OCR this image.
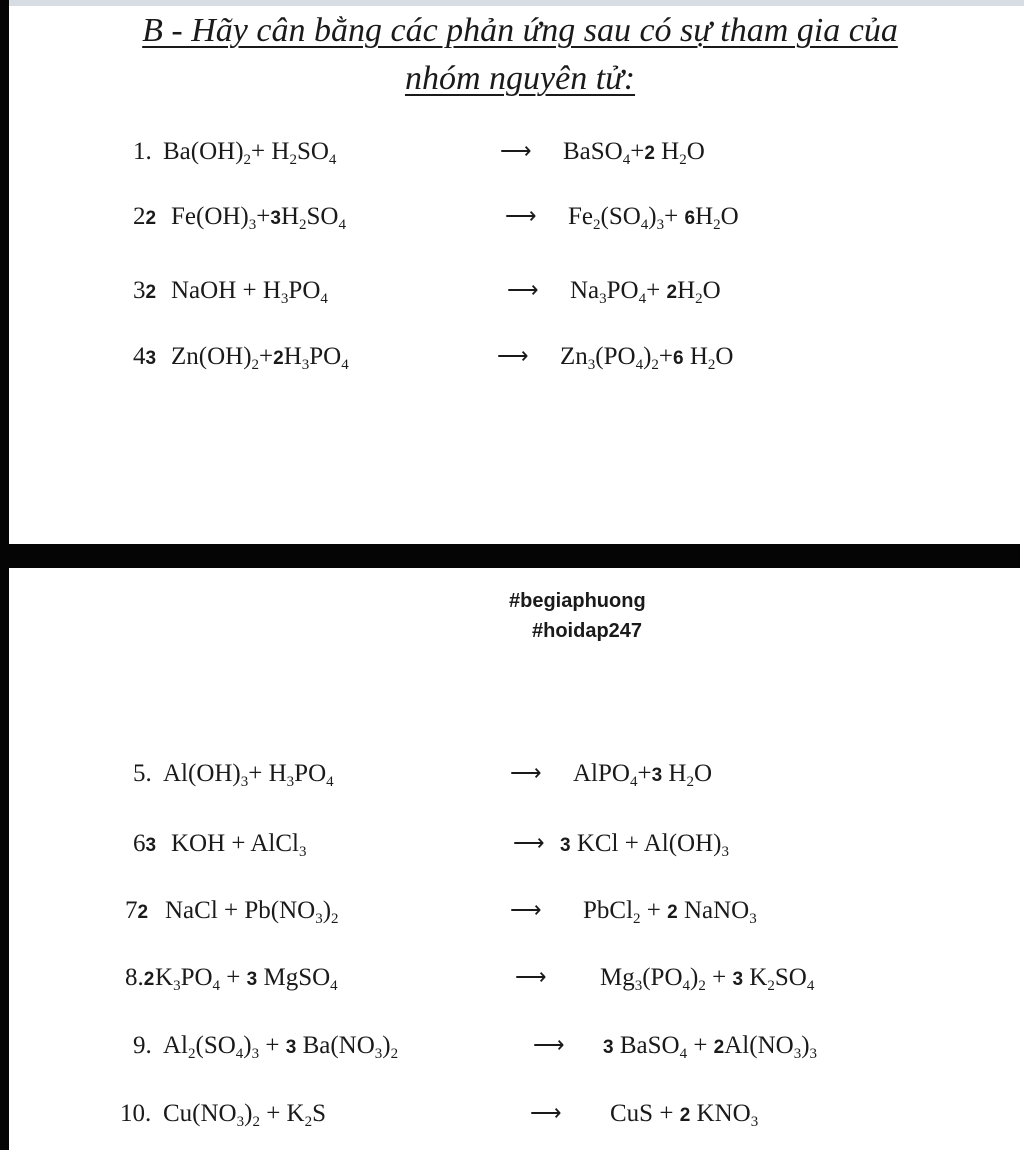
B - Hãy cân bằng các phản ứng sau có sự tham gia của
nhóm nguyên tử:
#begiaphuong
#hoidap247
1. $Ba(OH)_2+ H_2SO_4$	⟶ BaSO$_4$+2 $H_2O$
22 $Fe(OH)_3+3H_2SO_4$	⟶ $Fe_2(SO_4)_3+ 6H_2O$
32 NaOH + $H_3PO_4$	⟶ $Na_3PO_4+ 2H_2O$
43 $Zn(OH)_2+2H_3PO_4$	⟶ $Zn_3(PO_4)_2+6$ $H_2O$
5. $Al(OH)_3+ H_3PO_4$	⟶ AlPO$_4$+3 $H_2O$
63 KOH + AlCl$_3$	⟶ 3 KCl + $Al(OH)_3$
72 NaCl + $Pb(NO_3)_2$	⟶ PbCl$_2$ + 2 NaNO$_3$
8.2 $K_3PO_4 + 3$ MgSO$_4$	⟶ $Mg_3(PO_4)_2 + 3$ $K_2SO_4$
9. $Al_2(SO_4)_3 + 3$ $Ba(NO_3)_2$	⟶ 3 BaSO$_4$ + $2Al(NO_3)_3$
10. $Cu(NO_3)_2 + K_2S$	⟶ CuS + 2 $KNO_3$
